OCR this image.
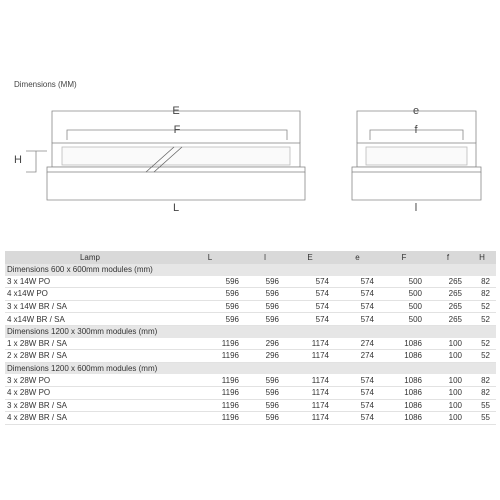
Dimensions (MM)
E
F
H
L
e
f
l
Lamp	L	l	E	e	F	f	H
Dimensions 600 x 600mm modules (mm)							
3 x 14W PO	596	596	574	574	500	265	82
4 x14W PO	596	596	574	574	500	265	82
3 x 14W BR / SA	596	596	574	574	500	265	52
4 x14W BR / SA	596	596	574	574	500	265	52
Dimensions 1200 x 300mm modules (mm)							
1 x 28W BR / SA	1196	296	1174	274	1086	100	52
2 x 28W BR / SA	1196	296	1174	274	1086	100	52
Dimensions 1200 x 600mm modules (mm)							
3 x 28W PO	1196	596	1174	574	1086	100	82
4 x 28W PO	1196	596	1174	574	1086	100	82
3 x 28W BR / SA	1196	596	1174	574	1086	100	55
4 x 28W BR / SA	1196	596	1174	574	1086	100	55
